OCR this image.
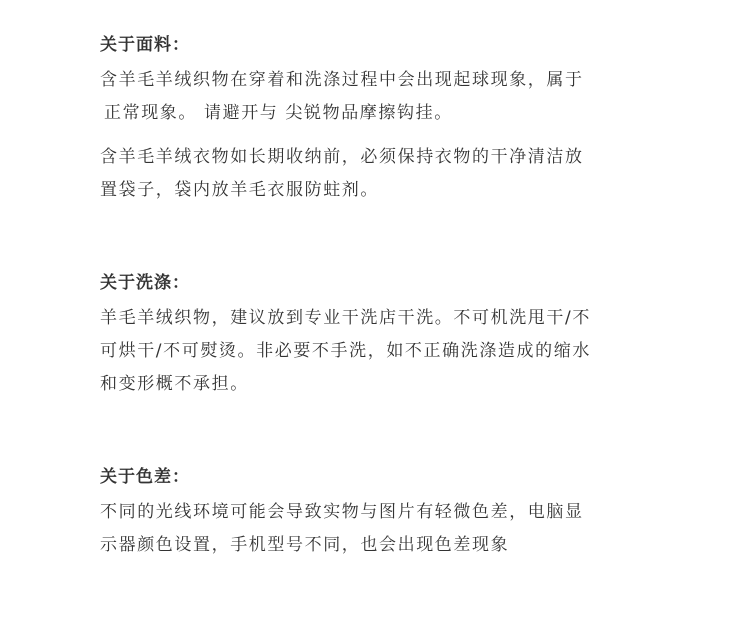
关于面料：
含羊毛羊绒织物在穿着和洗涤过程中会出现起球现象，属于
正常现象。 请避开与 尖锐物品摩擦钩挂。
含羊毛羊绒衣物如长期收纳前，必须保持衣物的干净清洁放
置袋子，袋内放羊毛衣服防蛀剂。
关于洗涤：
羊毛羊绒织物，建议放到专业干洗店干洗。不可机洗甩干/不
可烘干/不可熨烫。非必要不手洗，如不正确洗涤造成的缩水
和变形概不承担。
关于色差：
不同的光线环境可能会导致实物与图片有轻微色差，电脑显
示器颜色设置，手机型号不同，也会出现色差现象
